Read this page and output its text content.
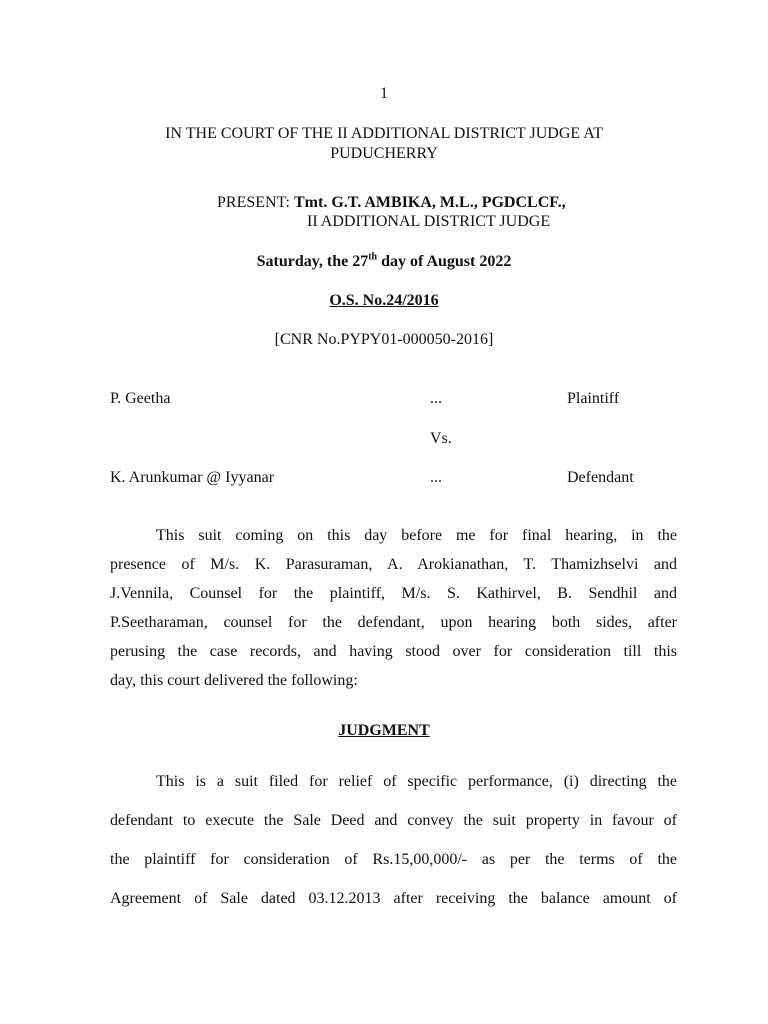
1
IN THE COURT OF THE II ADDITIONAL DISTRICT JUDGE AT
PUDUCHERRY
PRESENT: Tmt. G.T. AMBIKA, M.L., PGDCLCF.,
II ADDITIONAL DISTRICT JUDGE
Saturday, the 27th day of August 2022
O.S. No.24/2016
[CNR No.PYPY01-000050-2016]
P. Geetha	...	Plaintiff
Vs.
K. Arunkumar @ Iyyanar	...	Defendant
This suit coming on this day before me for final hearing, in the
presence of M/s. K. Parasuraman, A. Arokianathan, T. Thamizhselvi and
J.Vennila, Counsel for the plaintiff, M/s. S. Kathirvel, B. Sendhil and
P.Seetharaman, counsel for the defendant, upon hearing both sides, after
perusing the case records, and having stood over for consideration till this
day, this court delivered the following:
JUDGMENT
This is a suit filed for relief of specific performance, (i) directing the
defendant to execute the Sale Deed and convey the suit property in favour of
the plaintiff for consideration of Rs.15,00,000/- as per the terms of the
Agreement of Sale dated 03.12.2013 after receiving the balance amount of
